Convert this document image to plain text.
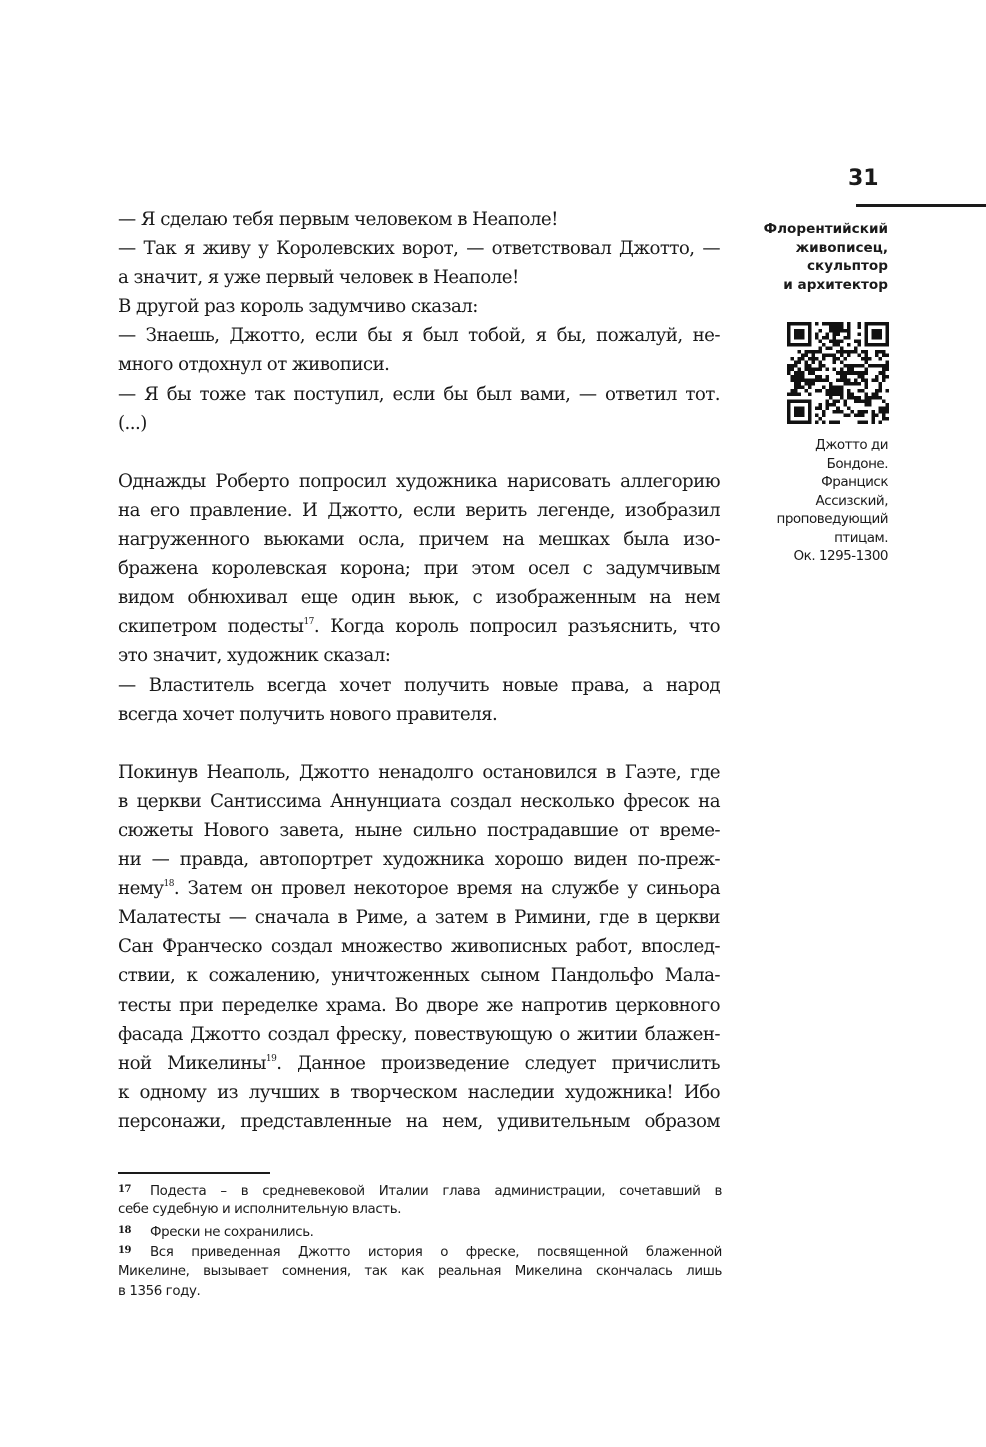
31
Флорентийский
живописец,
скульптор
и архитектор
Джотто ди
Бондоне.
Франциск
Ассизский,
проповедующий
птицам.
Ок. 1295-1300
— Я сделаю тебя первым человеком в Неаполе!
— Так я живу у Королевских ворот, — ответствовал Джотто, —
а значит, я уже первый человек в Неаполе!
В другой раз король задумчиво сказал:
— Знаешь, Джотто, если бы я был тобой, я бы, пожалуй, не-
много отдохнул от живописи.
— Я бы тоже так поступил, если бы был вами, — ответил тот.
(...)
Однажды Роберто попросил художника нарисовать аллегорию
на его правление. И Джотто, если верить легенде, изобразил
нагруженного вьюками осла, причем на мешках была изо-
бражена королевская корона; при этом осел с задумчивым
видом обнюхивал еще один вьюк, с изображенным на нем
скипетром подесты$^{17}$. Когда король попросил разъяснить, что
это значит, художник сказал:
— Властитель всегда хочет получить новые права, а народ
всегда хочет получить нового правителя.
Покинув Неаполь, Джотто ненадолго остановился в Гаэте, где
в церкви Сантиссима Аннунциата создал несколько фресок на
сюжеты Нового завета, ныне сильно пострадавшие от време-
ни — правда, автопортрет художника хорошо виден по-преж-
нему$^{18}$. Затем он провел некоторое время на службе у синьора
Малатесты — сначала в Риме, а затем в Римини, где в церкви
Сан Франческо создал множество живописных работ, впослед-
ствии, к сожалению, уничтоженных сыном Пандольфо Мала-
тесты при переделке храма. Во дворе же напротив церковного
фасада Джотто создал фреску, повествующую о житии блажен-
ной Микелины$^{19}$. Данное произведение следует причислить
к одному из лучших в творческом наследии художника! Ибо
персонажи, представленные на нем, удивительным образом
17 Подеста – в средневековой Италии глава администрации, сочетавший в
себе судебную и исполнительную власть.
18 Фрески не сохранились.
19 Вся приведенная Джотто история о фреске, посвященной блаженной
Микелине, вызывает сомнения, так как реальная Микелина скончалась лишь
в 1356 году.
